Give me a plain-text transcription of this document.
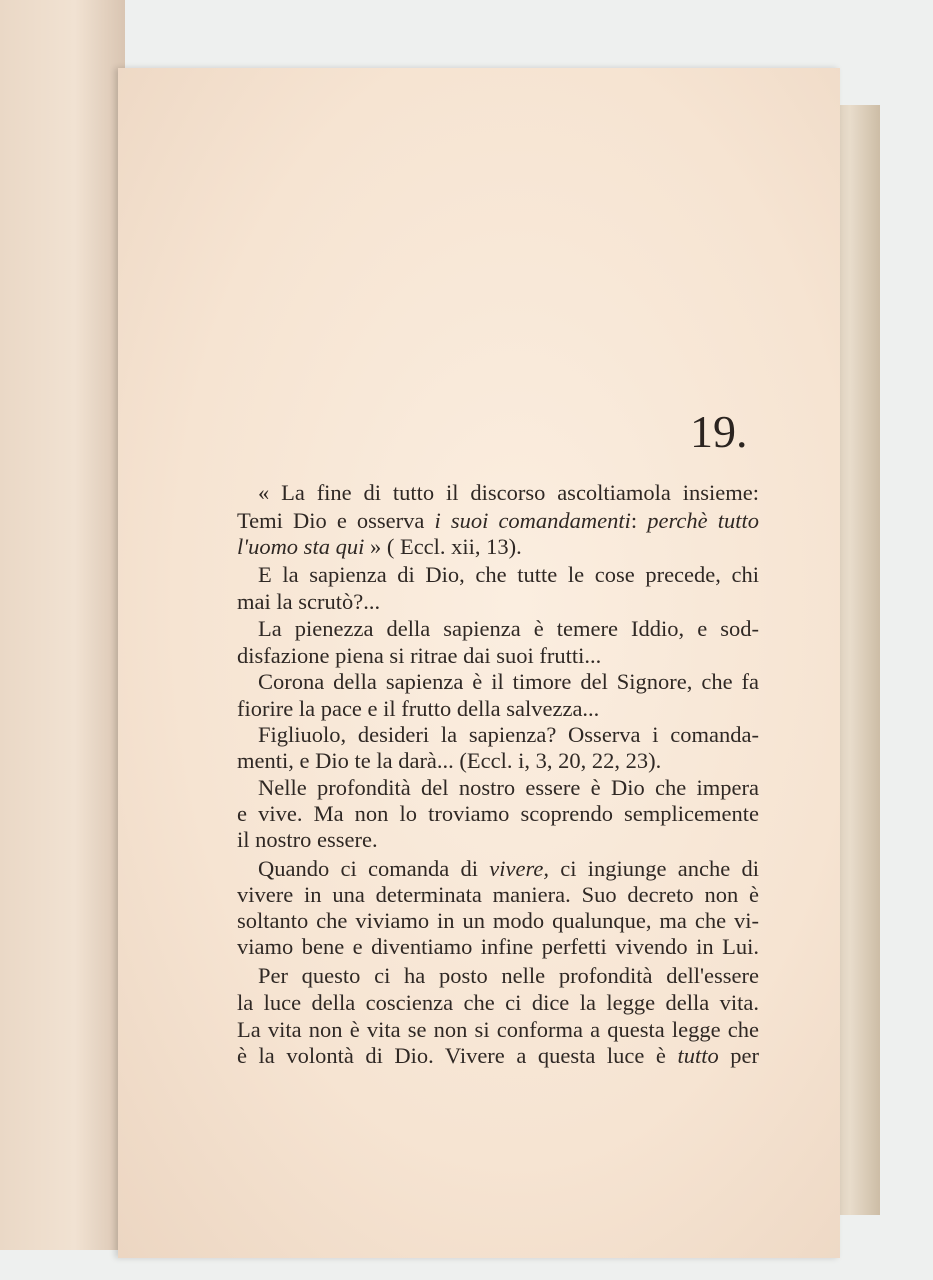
19.
« La fine di tutto il discorso ascoltiamola insieme:
Temi Dio e osserva i suoi comandamenti: perchè tutto
l'uomo sta qui » ( Eccl. xii, 13).
E la sapienza di Dio, che tutte le cose precede, chi
mai la scrutò?...
La pienezza della sapienza è temere Iddio, e sod-
disfazione piena si ritrae dai suoi frutti...
Corona della sapienza è il timore del Signore, che fa
fiorire la pace e il frutto della salvezza...
Figliuolo, desideri la sapienza? Osserva i comanda-
menti, e Dio te la darà... (Eccl. i, 3, 20, 22, 23).
Nelle profondità del nostro essere è Dio che impera
e vive. Ma non lo troviamo scoprendo semplicemente
il nostro essere.
Quando ci comanda di vivere, ci ingiunge anche di
vivere in una determinata maniera. Suo decreto non è
soltanto che viviamo in un modo qualunque, ma che vi-
viamo bene e diventiamo infine perfetti vivendo in Lui.
Per questo ci ha posto nelle profondità dell'essere
la luce della coscienza che ci dice la legge della vita.
La vita non è vita se non si conforma a questa legge che
è la volontà di Dio. Vivere a questa luce è tutto per
